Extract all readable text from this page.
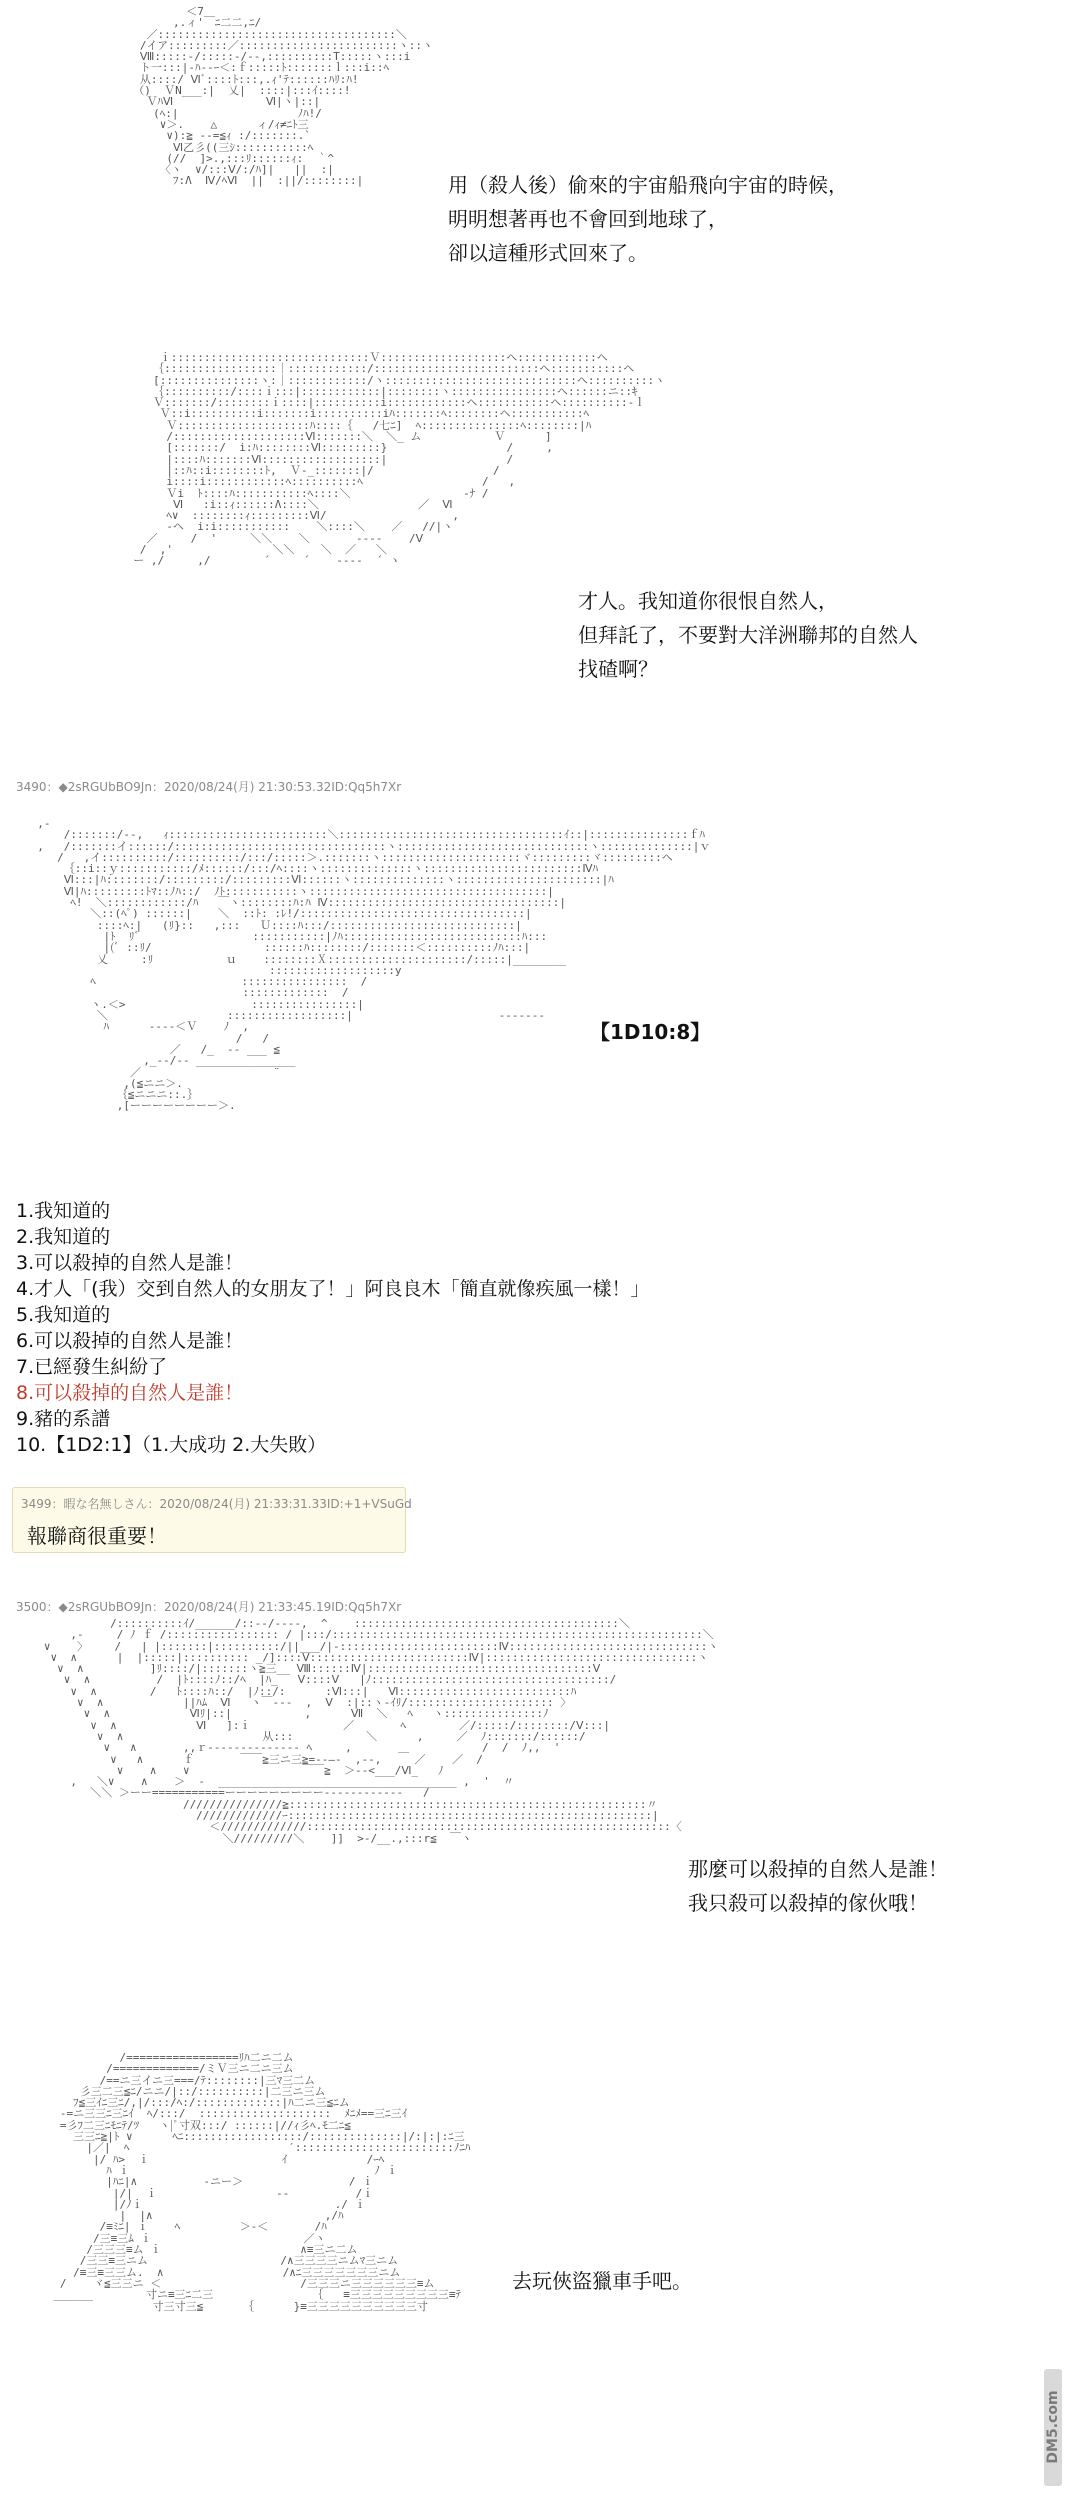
＜7
,.ィ'￣ﾆ二二,ﾆ/
／::::::::::::::::::::::::::::::::::::＼
/イア:::::::::／::::::::::::::::::::::::ヽ::ヽ
Ⅷ:::::-/:::::-/--,::::::::::T:::::ヽ:::i
ト一:::|-ﾊ--ｰ＜:ｆ:::::ﾄ:::::::ｌ:::i::ﾍ
从::::/ Ⅵﾞ::::ﾄ:::,.ｨ'ﾃ::::::ﾊﾘ:ﾊ!
（)  ＶN___:|  乂|  ::::|:::ｲ::::!
ＶﾊⅥ              Ⅵ|ヽ|::|
(ﾍ:|                  ﾉﾊ!/
∨＞.    △      ィ/ｨ≠ﾆﾄ三
∨):≧ ‐‐=≦ｨ :/:::::::.`
Ⅵ乙彡((三ｼ:::::::::::ﾍ
(//  ]>.,:::ﾘ::::::ｨ:  ｀^
〈ヽ  ∨/:::Ⅴ/:/ﾊ]|   ||  :|
ﾌ:Λ  Ⅳ/ﾍⅥ  ||  :||/::::::::|
ｉ::::::::::::::::::::::::::::::Ｖ:::::::::::::::::::ヘ::::::::::::ヘ
｛:::::::::::::::::｜::::::::::::/:::::::::::::::::::::::::ヘ:::::::::::ヘ
[:::::::::::::::ヽ:｜::::::::::::/ヽ:::::::::::::::::::::::::::::ヘ::::::::::ヽ
｛::::::::::/::::ｉ:::|::::::::::::|::::::::ヽ::::::::::::::::ヘ::::::ニ::ｷ
Ｖ:::::::/::::::::ｉ::::|::::::::::i::::::::::::ヘ:::::::::::ヘ::::::::::-ｌ
Ｖ::i::::::::::i:::::::i::::::::::iﾊ:::::::ﾍ::::::::ヘ:::::::::::ﾍ
Ｖ::::::::::::::::::::ﾊ::::｛   /七ﾆ]  ﾍ:::::::::::::::ﾍ::::::::|ﾊ
/::::::::::::::::::::Ⅵ:::::::＼  ＼_ ム           Ｖ      ]
[:::::::/  i:ﾊ::::::::Ⅵ:::::::::}                  /     ,
|::::ﾊ:::::::Ⅵ::::::::::::::::::|                  /
|::ﾊ::i::::::::ﾄ,  Ｖ-_:::::::|/                  /
i::::i::::::::::::ﾍ::::::::::ﾍ                  /   ,
Ｖi  ﾄ::::ﾊ:::::::::::ﾍ::::＼                 -ﾅ /
Ⅵ   :i::ｨ::::::Λ::::＼               ／  Ⅵ
ﾍ∨  ::::::::ｨ:::::::::Ⅵ/                   ,
-ヘ  i:i:::::::::::    ＼::::＼    ／   //|ヽ
／     /  '     ＼＼    ＼       ----    /Ⅴ
/  ,'               ＼＼    ＼  ／   ＼
ー ,/     ,/        ´     ´    ‐‐--  ´ ヽ
,-
/:::::::/--,   ｨ::::::::::::::::::::::::＼::::::::::::::::::::::::::::::::::ｲ::|:::::::::::::::ｆﾊ
,   /:::::::イ::::::/::::::::::::::::::::::::::::::::ヽ:::::::::::::::::::::::::::::ヽ::::::::::::::|ｖ
/   ,イ::::::::::/::::::::::/:::/:::::＞.:::::::ヽ:::::::::::::::::::::ヾ:::::::::ヾ:::::::::ヘ
｛::i::ｙ:::::::::::/ﾒ::::::/:::/ﾍ::::ヽ::::::::::::::ヽ::::::::::::::::::::::::Ⅳﾊ
Ⅵ:::|ﾊ::::::::/:::::::::/:::::::::Ⅵ::::::ヽ::::::::::::::ヽ::::::::::::::::::::::|ﾊ
Ⅵ|ﾊ:::::::::ﾄﾏ::ﾉﾊ::/  ﾉﾄ:::::::::::ヽ::::::::::::::::::::::::::::::::::::|
ﾍ!  ＼::::::::::::/ﾊ   ￣ヽ::::::::ﾊ:ﾊ Ⅳ:::::::::::::::::::::::::::::::::::|
＼::(ﾍﾟ) ::::::|    ＼  ::ﾄ: :ﾚ!/::::::::::::::::::::::::::::::::::|
::::ﾍ:|   (ﾘ}::   ,:::   Ｕ::::ﾊ:::/::::::::::::::::::::::::::::|
|ﾄ  ﾘﾞ                 :::::::::::|ﾉﾊ:::::::::::::::::::::::::::ﾊ:::
|(ﾞ ::ﾘ/                 ::::::ﾊ::::::::/:::::::＜::::::::::ﾉﾊ:::|
乂     :ﾘ           ｕ    ::::::::Ⅹ:::::::::::::::::::::/:::::|________
:::::::::::::::::::y
ﾍ                      ::::::::::::::::  /
:::::::::::::  /
ヽ.＜>                   ::::::::::::::::|
＼                  ::::::::::::::::::|                      ‐‐-----
ﾊ      ‐‐--＜Ｖ    ﾉ  ,
/   /
／   /_  ‐‐ ___ ≦
,_--/‐‐ _______________
／                    ¨
,(≦ニニ＞.
｛≦ニニニ::.｝
,[ーーーーーーーー＞.
/::::::::::ｲ/______/::--/----,  ^    ::::::::::::::::::::::::::::::::::::::::＼
,-     / ﾉ ｆ /::::::::::::::::: / |:::/::::::::::::::::::::::::::::::::::::::::::::::::::::::::＼
∨    〉    /   | |:::::::|::::::::::/||___/|-::::::::::::::::::::::::Ⅳ::::::::::::::::::::::::::::::ヽ
∨  ∧      |  |:::::|:::::::::: _/]::::Ⅴ::::::::::::::::::::::::Ⅳ|::::::::::::::::::::::::::::::::ヽ
∨  ∧          ]ﾘ::::/|:::::::ヽ≧三__ Ⅷ::::::Ⅳ|::::::::::::::::::::::::::::::::::Ⅴ
∨  ∧          /  |ﾄ::::ﾉ::/ﾍ  |ﾊ_   Ⅴ::::Ⅴ   |ﾉ::::::::::::::::::::::::::::::::::::/
∨  ∧        /   ﾄ::::ﾊ::/  |ﾉ::/:      :Ⅵ:::|   Ⅵ::::::::::::::::::::::::::ﾊ
∨  ∧            ||ﾊﾑ  Ⅵ   ヽ￣-‐‐  ,  Ⅴ  :|::ヽ-ｲﾘ/:::::::::::::::::::::: 〉
∨  ∧            Ⅵﾘ|::|           ,      Ⅶ  ＼   ﾍ   ヽ:::::::::::::::ﾉ
∨  ∧            Ⅵ   ]:ｉ              ／       ﾍ        ／/:::::/::::::::/Ⅴ:::|
∨  ∧                     从:::           ＼      ,     ／  ﾉ:::::::/::::::/
∨   ∧       ,,ｒ----‐‐-----‐‐‐ ﾍ     ,       ＿           /  /  ﾉ,,  '
∨   ∧      ｆ       ￣￣≧三ニ三≧=-‐―-  ,‐‐,     ／    ／  /
∨    ∧    ∨                 ￣￣≧  ＞-‐<___/Ⅵ_   ﾉ
,   ＼∨    ∧    ＞  -  ____________________________________ ,  '  〃
＼＼ ＞ーー===========ーーーーーーーーー‐‐‐‐-----‐‐‐   /
///////////////≧::::::::::::::::::::::::::::::::::::::::::::::::::::::〃
/////////////ｰ:::::::::::::::::::::::::::::::::::::::::::::::::::::::|
＜/////////////:::::::::::::::::::::::::::::::::::::::::::::::::::::::〈
＼/////////＼    ]]  >-/__.,:::r≦  ￣ヽ
/=================ﾘﾊ二ニ二ム
/=============/ミＶ三ニ二ニ三ム
/==ニ三イニ三===/ﾃ::::::::|三ﾏ三二ム
彡三二三≦ﾆ/ニニ/|::/::::::::::|二三ニ三ム
ﾌ≦三ｲﾆ三ﾆ/,|/:::/ﾍ:/:::::::::::::|ﾊ二ニ三≦ﾆム
-=ニ三三ﾆ三ﾆｲ  ﾍ/:::/  ::::::::::::::::::::  ﾒﾆﾒ==三ﾆ三ｲ
=彡ﾌ二三ﾆﾓﾆﾃ/ﾂ   ヽ|ﾟ寸双:::/ ::::::|//ｨ彡ﾍ.ﾓ二ﾆ≦
三三ﾆ≧|ﾄ ∨      ﾍﾆ::::::::::::::::::/::::::::::::::|/:|:|:ﾆ三
|／|  ﾍ                        ′::::::::::::::::::::::::ﾉﾆﾊ
|/ ﾊ>  ｉ                    ｲ            /ｰﾍ
ﾊ ｉ                                     ﾉ ｉ
|ﾊﾆ|∧          ‐ニー＞                / ｉ
|/|  ｉ                  -‐          /ｉ
|/ﾉｉ                             ./ ｉ
|  |∧                          ,/ﾊ
/≡ﾐﾆ| ｉ    ﾍ         ＞-＜       /ﾊ
/三≡三ﾑ ｉ                       ／ヽ
/三三三≡ム ｉ                     ∧≡三ニ二ム
/三三≡三ニム                    /∧三三三三ニムﾏ三ニム
/≡三≡三三ム.  ∧                  /∧ﾆ三三三三三三三ニム
/    ヾ≦三三ニ ＜                     /三三三ニ三三三三三三≡ム
______        寸ニ≡三ﾆ二三               ｛   ≡三三三三三三三三三≡ﾃ
寸三寸三≦      ｛      }≡三三三三三三三三三三寸
用（殺人後）偷來的宇宙船飛向宇宙的時候，
明明想著再也不會回到地球了，
卻以這種形式回來了。
才人。我知道你很恨自然人，
但拜託了，不要對大洋洲聯邦的自然人
找碴啊？
3490：◆2sRGUbBO9Jn：2020/08/24(月) 21:30:53.32ID:Qq5h7Xr
【1D10:8】
1.我知道的
2.我知道的
3.可以殺掉的自然人是誰！
4.才人「(我）交到自然人的女朋友了！」阿良良木「簡直就像疾風一樣！」
5.我知道的
6.可以殺掉的自然人是誰！
7.已經發生糾紛了
8.可以殺掉的自然人是誰！
9.豬的系譜
10.【1D2:1】（1.大成功 2.大失敗）
3499：暇な名無しさん：2020/08/24(月) 21:33:31.33ID:+1+VSuGd
報聯商很重要！
3500：◆2sRGUbBO9Jn：2020/08/24(月) 21:33:45.19ID:Qq5h7Xr
那麼可以殺掉的自然人是誰！
我只殺可以殺掉的傢伙哦！
去玩俠盜獵車手吧。
DM5.com
